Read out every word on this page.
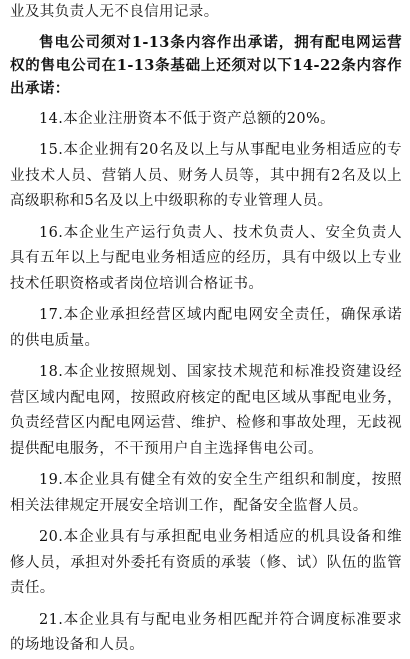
业及其负责人无不良信用记录。

售电公司须对1-13条内容作出承诺，拥有配电网运营权的售电公司在1-13条基础上还须对以下14-22条内容作出承诺：

14.本企业注册资本不低于资产总额的20%。

15.本企业拥有20名及以上与从事配电业务相适应的专业技术人员、营销人员、财务人员等，其中拥有2名及以上高级职称和5名及以上中级职称的专业管理人员。

16.本企业生产运行负责人、技术负责人、安全负责人具有五年以上与配电业务相适应的经历，具有中级以上专业技术任职资格或者岗位培训合格证书。

17.本企业承担经营区域内配电网安全责任，确保承诺的供电质量。

18.本企业按照规划、国家技术规范和标准投资建设经营区域内配电网，按照政府核定的配电区域从事配电业务，负责经营区内配电网运营、维护、检修和事故处理，无歧视提供配电服务，不干预用户自主选择售电公司。

19.本企业具有健全有效的安全生产组织和制度，按照相关法律规定开展安全培训工作，配备安全监督人员。

20.本企业具有与承担配电业务相适应的机具设备和维修人员，承担对外委托有资质的承装（修、试）队伍的监管责任。

21.本企业具有与配电业务相匹配并符合调度标准要求的场地设备和人员。
